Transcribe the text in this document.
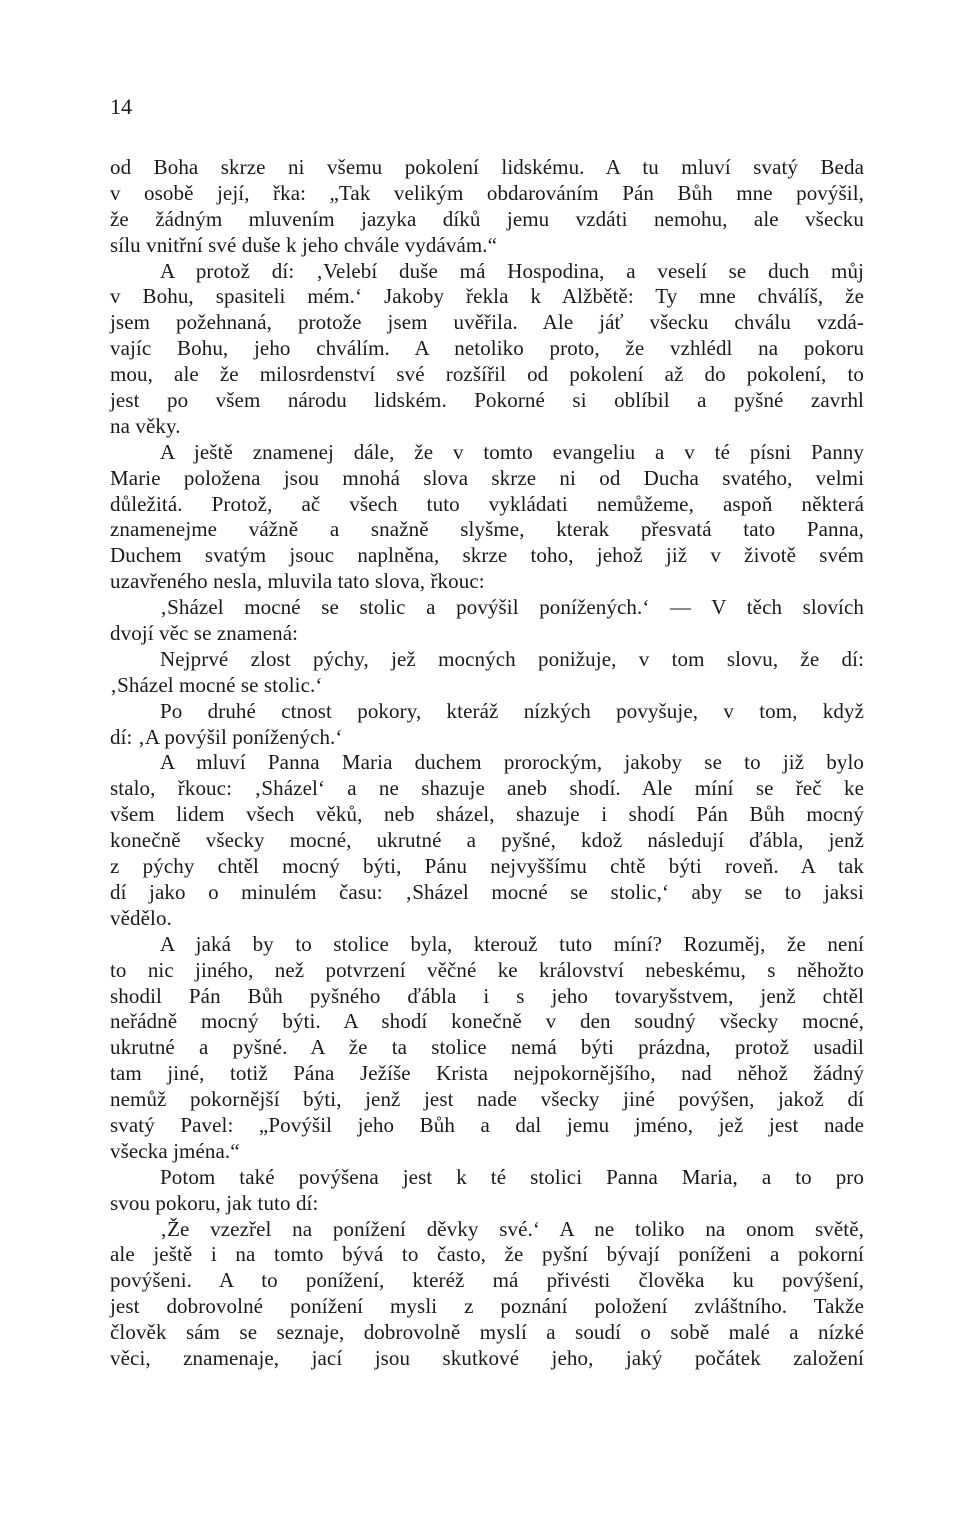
14
od Boha skrze ni všemu pokolení lidskému. A tu mluví svatý Beda
v osobě její, řka: „Tak velikým obdarováním Pán Bůh mne povýšil,
že žádným mluvením jazyka díků jemu vzdáti nemohu, ale všecku
sílu vnitřní své duše k jeho chvále vydávám.“
A protož dí: ‚Velebí duše má Hospodina, a veselí se duch můj
v Bohu, spasiteli mém.‘ Jakoby řekla k Alžbětě: Ty mne chválíš, že
jsem požehnaná, protože jsem uvěřila. Ale jáť všecku chválu vzdá-
vajíc Bohu, jeho chválím. A netoliko proto, že vzhlédl na pokoru
mou, ale že milosrdenství své rozšířil od pokolení až do pokolení, to
jest po všem národu lidském. Pokorné si oblíbil a pyšné zavrhl
na věky.
A ještě znamenej dále, že v tomto evangeliu a v té písni Panny
Marie položena jsou mnohá slova skrze ni od Ducha svatého, velmi
důležitá. Protož, ač všech tuto vykládati nemůžeme, aspoň některá
znamenejme vážně a snažně slyšme, kterak přesvatá tato Panna,
Duchem svatým jsouc naplněna, skrze toho, jehož již v životě svém
uzavřeného nesla, mluvila tato slova, řkouc:
‚Sházel mocné se stolic a povýšil ponížených.‘ — V těch slovích
dvojí věc se znamená:
Nejprvé zlost pýchy, jež mocných ponižuje, v tom slovu, že dí:
‚Sházel mocné se stolic.‘
Po druhé ctnost pokory, kteráž nízkých povyšuje, v tom, když
dí: ‚A povýšil ponížených.‘
A mluví Panna Maria duchem prorockým, jakoby se to již bylo
stalo, řkouc: ‚Sházel‘ a ne shazuje aneb shodí. Ale míní se řeč ke
všem lidem všech věků, neb sházel, shazuje i shodí Pán Bůh mocný
konečně všecky mocné, ukrutné a pyšné, kdož následují ďábla, jenž
z pýchy chtěl mocný býti, Pánu nejvyššímu chtě býti roveň. A tak
dí jako o minulém času: ‚Sházel mocné se stolic,‘ aby se to jaksi
vědělo.
A jaká by to stolice byla, kterouž tuto míní? Rozuměj, že není
to nic jiného, než potvrzení věčné ke království nebeskému, s něhožto
shodil Pán Bůh pyšného ďábla i s jeho tovaryšstvem, jenž chtěl
neřádně mocný býti. A shodí konečně v den soudný všecky mocné,
ukrutné a pyšné. A že ta stolice nemá býti prázdna, protož usadil
tam jiné, totiž Pána Ježíše Krista nejpokornějšího, nad něhož žádný
nemůž pokornější býti, jenž jest nade všecky jiné povýšen, jakož dí
svatý Pavel: „Povýšil jeho Bůh a dal jemu jméno, jež jest nade
všecka jména.“
Potom také povýšena jest k té stolici Panna Maria, a to pro
svou pokoru, jak tuto dí:
‚Že vzezřel na ponížení děvky své.‘ A ne toliko na onom světě,
ale ještě i na tomto bývá to často, že pyšní bývají poníženi a pokorní
povýšeni. A to ponížení, kteréž má přivésti člověka ku povýšení,
jest dobrovolné ponížení mysli z poznání položení zvláštního. Takže
člověk sám se seznaje, dobrovolně myslí a soudí o sobě malé a nízké
věci, znamenaje, jací jsou skutkové jeho, jaký počátek založení
